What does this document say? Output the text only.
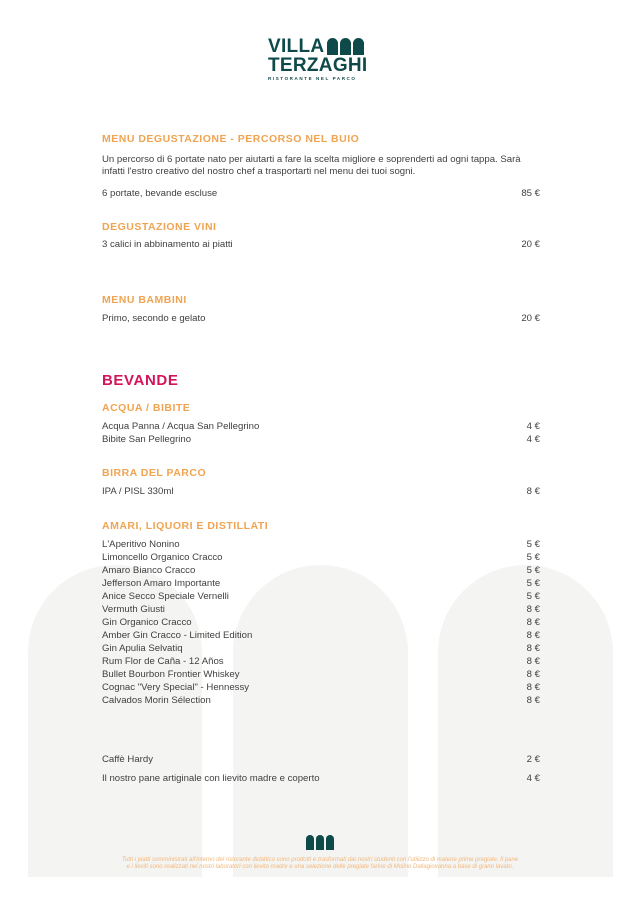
VILLA
TERZAGHI
RISTORANTE NEL PARCO
MENU DEGUSTAZIONE - PERCORSO NEL BUIO
Un percorso di 6 portate nato per aiutarti a fare la scelta migliore e soprenderti ad ogni tappa. Sarà infatti l'estro creativo del nostro chef a trasportarti nel menu dei tuoi sogni.
6 portate, bevande escluse	85 €
DEGUSTAZIONE VINI
3 calici in abbinamento ai piatti	20 €
MENU BAMBINI
Primo, secondo e gelato	20 €
BEVANDE
ACQUA / BIBITE
Acqua Panna / Acqua San Pellegrino	4 €
Bibite San Pellegrino	4 €
BIRRA DEL PARCO
IPA / PISL 330ml	8 €
AMARI, LIQUORI E DISTILLATI
L'Aperitivo Nonino	5 €
Limoncello Organico Cracco	5 €
Amaro Bianco Cracco	5 €
Jefferson Amaro Importante	5 €
Anice Secco Speciale Vernelli	5 €
Vermuth Giusti	8 €
Gin Organico Cracco	8 €
Amber Gin Cracco - Limited Edition	8 €
Gin Apulia Selvatiq	8 €
Rum Flor de Caña - 12 Años	8 €
Bullet Bourbon Frontier Whiskey	8 €
Cognac "Very Special" - Hennessy	8 €
Calvados Morin Sélection	8 €
Caffè Hardy	2 €
Il nostro pane artiginale con lievito madre e coperto	4 €
Tutti i piatti somministrati all'interno del ristorante didattico sono prodotti e trasformati dai nostri studenti con l'utilizzo di materie prime pregiate. Il pane e i lieviti sono realizzati nei nostri laboratori con lievito madre e una selezione delle pregiate farine di Molino Dallagiovanna a base di grano lavato.
